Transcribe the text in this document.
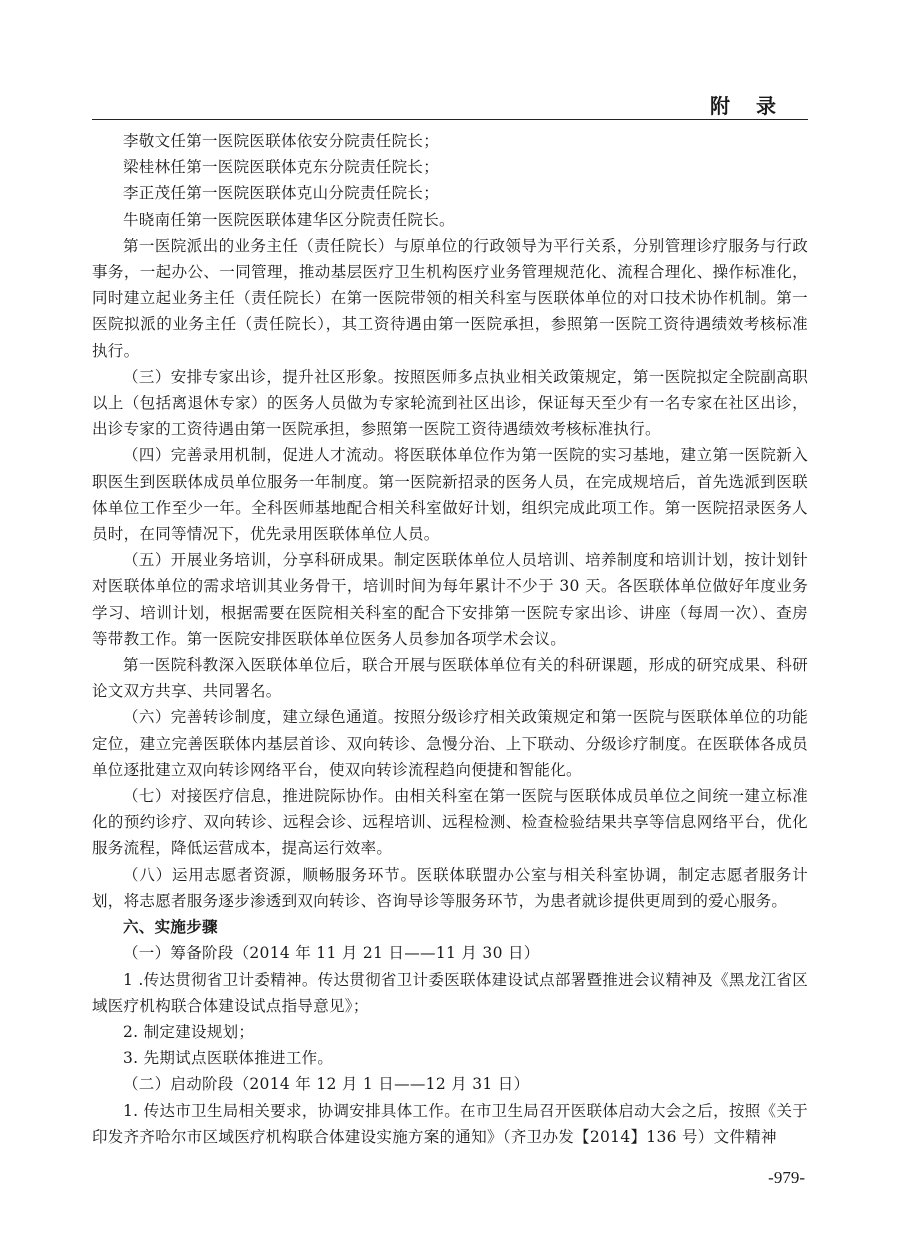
附录

李敬文任第一医院医联体依安分院责任院长；

梁桂林任第一医院医联体克东分院责任院长；

李正茂任第一医院医联体克山分院责任院长；

牛晓南任第一医院医联体建华区分院责任院长。

第一医院派出的业务主任（责任院长）与原单位的行政领导为平行关系，分别管理诊疗服务与行政事务，一起办公、一同管理，推动基层医疗卫生机构医疗业务管理规范化、流程合理化、操作标准化，同时建立起业务主任（责任院长）在第一医院带领的相关科室与医联体单位的对口技术协作机制。第一医院拟派的业务主任（责任院长），其工资待遇由第一医院承担，参照第一医院工资待遇绩效考核标准执行。

（三）安排专家出诊，提升社区形象。按照医师多点执业相关政策规定，第一医院拟定全院副高职以上（包括离退休专家）的医务人员做为专家轮流到社区出诊，保证每天至少有一名专家在社区出诊，出诊专家的工资待遇由第一医院承担，参照第一医院工资待遇绩效考核标准执行。

（四）完善录用机制，促进人才流动。将医联体单位作为第一医院的实习基地，建立第一医院新入职医生到医联体成员单位服务一年制度。第一医院新招录的医务人员，在完成规培后，首先选派到医联体单位工作至少一年。全科医师基地配合相关科室做好计划，组织完成此项工作。第一医院招录医务人员时，在同等情况下，优先录用医联体单位人员。

（五）开展业务培训，分享科研成果。制定医联体单位人员培训、培养制度和培训计划，按计划针对医联体单位的需求培训其业务骨干，培训时间为每年累计不少于 30 天。各医联体单位做好年度业务学习、培训计划，根据需要在医院相关科室的配合下安排第一医院专家出诊、讲座（每周一次）、查房等带教工作。第一医院安排医联体单位医务人员参加各项学术会议。

第一医院科教深入医联体单位后，联合开展与医联体单位有关的科研课题，形成的研究成果、科研论文双方共享、共同署名。

（六）完善转诊制度，建立绿色通道。按照分级诊疗相关政策规定和第一医院与医联体单位的功能定位，建立完善医联体内基层首诊、双向转诊、急慢分治、上下联动、分级诊疗制度。在医联体各成员单位逐批建立双向转诊网络平台，使双向转诊流程趋向便捷和智能化。

（七）对接医疗信息，推进院际协作。由相关科室在第一医院与医联体成员单位之间统一建立标准化的预约诊疗、双向转诊、远程会诊、远程培训、远程检测、检查检验结果共享等信息网络平台，优化服务流程，降低运营成本，提高运行效率。

（八）运用志愿者资源，顺畅服务环节。医联体联盟办公室与相关科室协调，制定志愿者服务计划，将志愿者服务逐步渗透到双向转诊、咨询导诊等服务环节，为患者就诊提供更周到的爱心服务。

六、实施步骤

（一）筹备阶段（2014 年 11 月 21 日——11 月 30 日）

1 .传达贯彻省卫计委精神。传达贯彻省卫计委医联体建设试点部署暨推进会议精神及《黑龙江省区域医疗机构联合体建设试点指导意见》；

2. 制定建设规划；

3. 先期试点医联体推进工作。

（二）启动阶段（2014 年 12 月 1 日——12 月 31 日）

1. 传达市卫生局相关要求，协调安排具体工作。在市卫生局召开医联体启动大会之后，按照《关于印发齐齐哈尔市区域医疗机构联合体建设实施方案的通知》（齐卫办发【2014】136 号）文件精神

-979-
